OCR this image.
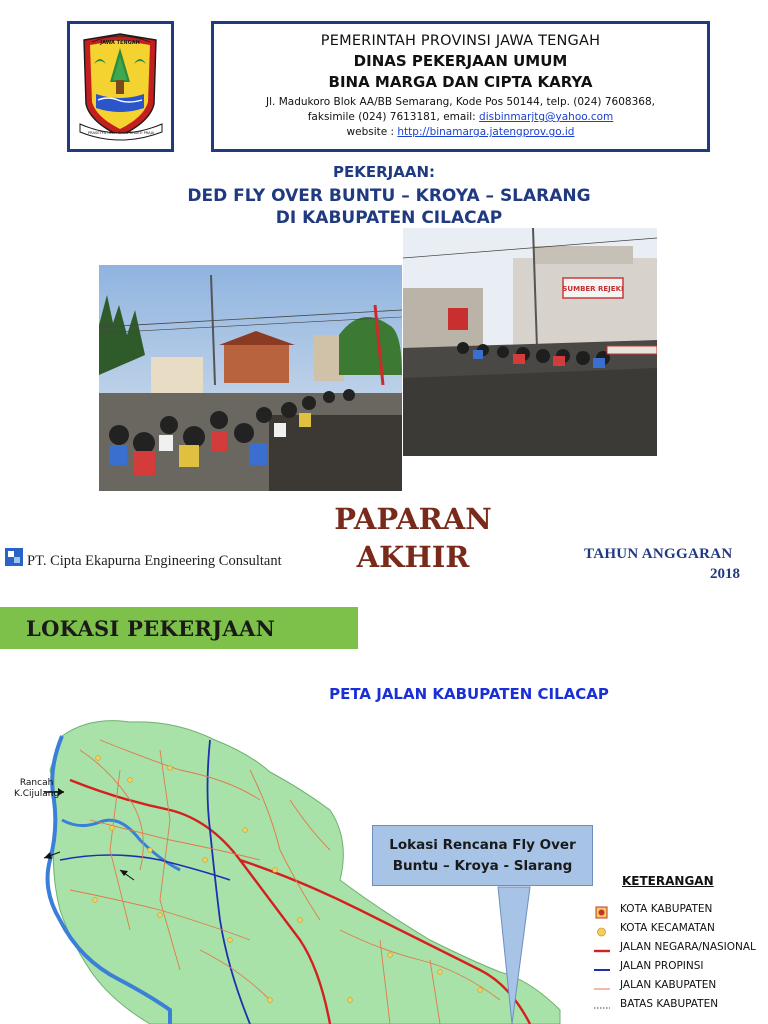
JAWA TENGAH
PRASETYA ULAH SAKTI BHAKTI PRAJA
PEMERINTAH PROVINSI JAWA TENGAH
DINAS PEKERJAAN UMUM
BINA MARGA DAN CIPTA KARYA
Jl. Madukoro Blok AA/BB Semarang, Kode Pos 50144, telp. (024) 7608368,
faksimile (024) 7613181, email: disbinmarjtg@yahoo.com
website : http://binamarga.jatengprov.go.id
PEKERJAAN:
DED FLY OVER BUNTU – KROYA – SLARANG
DI KABUPATEN CILACAP
SUMBER REJEKI
PAPARAN
AKHIR
PT. Cipta Ekapurna Engineering Consultant	TAHUN ANGGARAN
2018
LOKASI PEKERJAAN
PETA JALAN KABUPATEN CILACAP
Rancah
K.Cijulang
Lokasi Rencana Fly Over
Buntu – Kroya - Slarang
KETERANGAN
KOTA KABUPATEN
KOTA KECAMATAN
JALAN NEGARA/NASIONAL
JALAN PROPINSI
JALAN KABUPATEN
BATAS KABUPATEN
